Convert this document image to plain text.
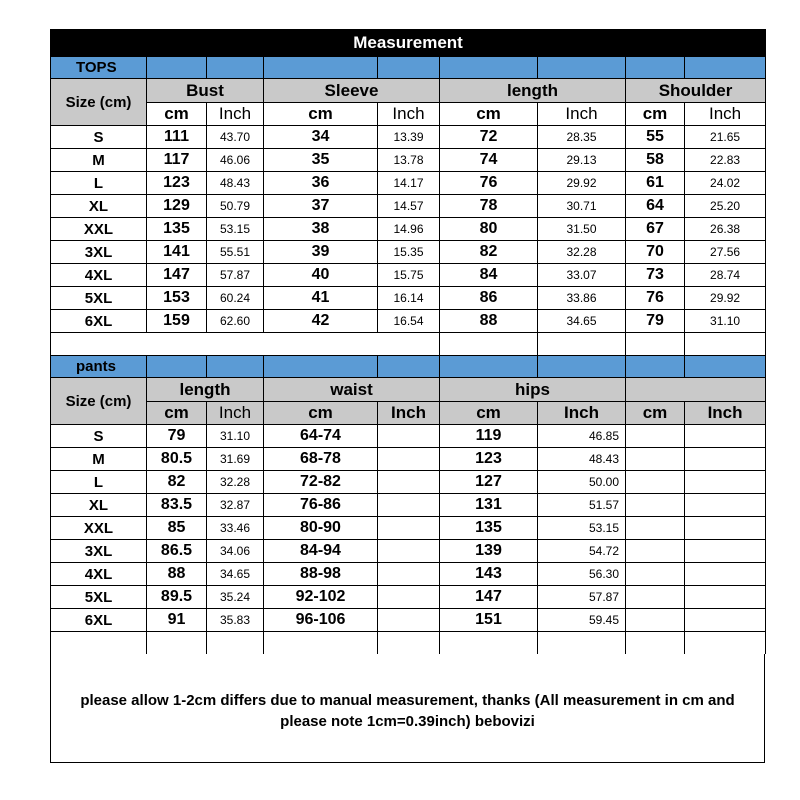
Measurement								
TOPS								
Size (cm)	Bust		Sleeve		length		Shoulder	
	cm	Inch	cm	Inch	cm	Inch	cm	Inch
S	111	43.70	34	13.39	72	28.35	55	21.65
M	117	46.06	35	13.78	74	29.13	58	22.83
L	123	48.43	36	14.17	76	29.92	61	24.02
XL	129	50.79	37	14.57	78	30.71	64	25.20
XXL	135	53.15	38	14.96	80	31.50	67	26.38
3XL	141	55.51	39	15.35	82	32.28	70	27.56
4XL	147	57.87	40	15.75	84	33.07	73	28.74
5XL	153	60.24	41	16.14	86	33.86	76	29.92
6XL	159	62.60	42	16.54	88	34.65	79	31.10

pants								
Size (cm)	length		waist		hips			
	cm	Inch	cm	Inch	cm	Inch	cm	Inch
S	79	31.10	64-74		119	46.85		
M	80.5	31.69	68-78		123	48.43		
L	82	32.28	72-82		127	50.00		
XL	83.5	32.87	76-86		131	51.57		
XXL	85	33.46	80-90		135	53.15		
3XL	86.5	34.06	84-94		139	54.72		
4XL	88	34.65	88-98		143	56.30		
5XL	89.5	35.24	92-102		147	57.87		
6XL	91	35.83	96-106		151	59.45		

please allow 1-2cm differs due to manual measurement, thanks (All measurement in cm and please note 1cm=0.39inch) bebovizi
